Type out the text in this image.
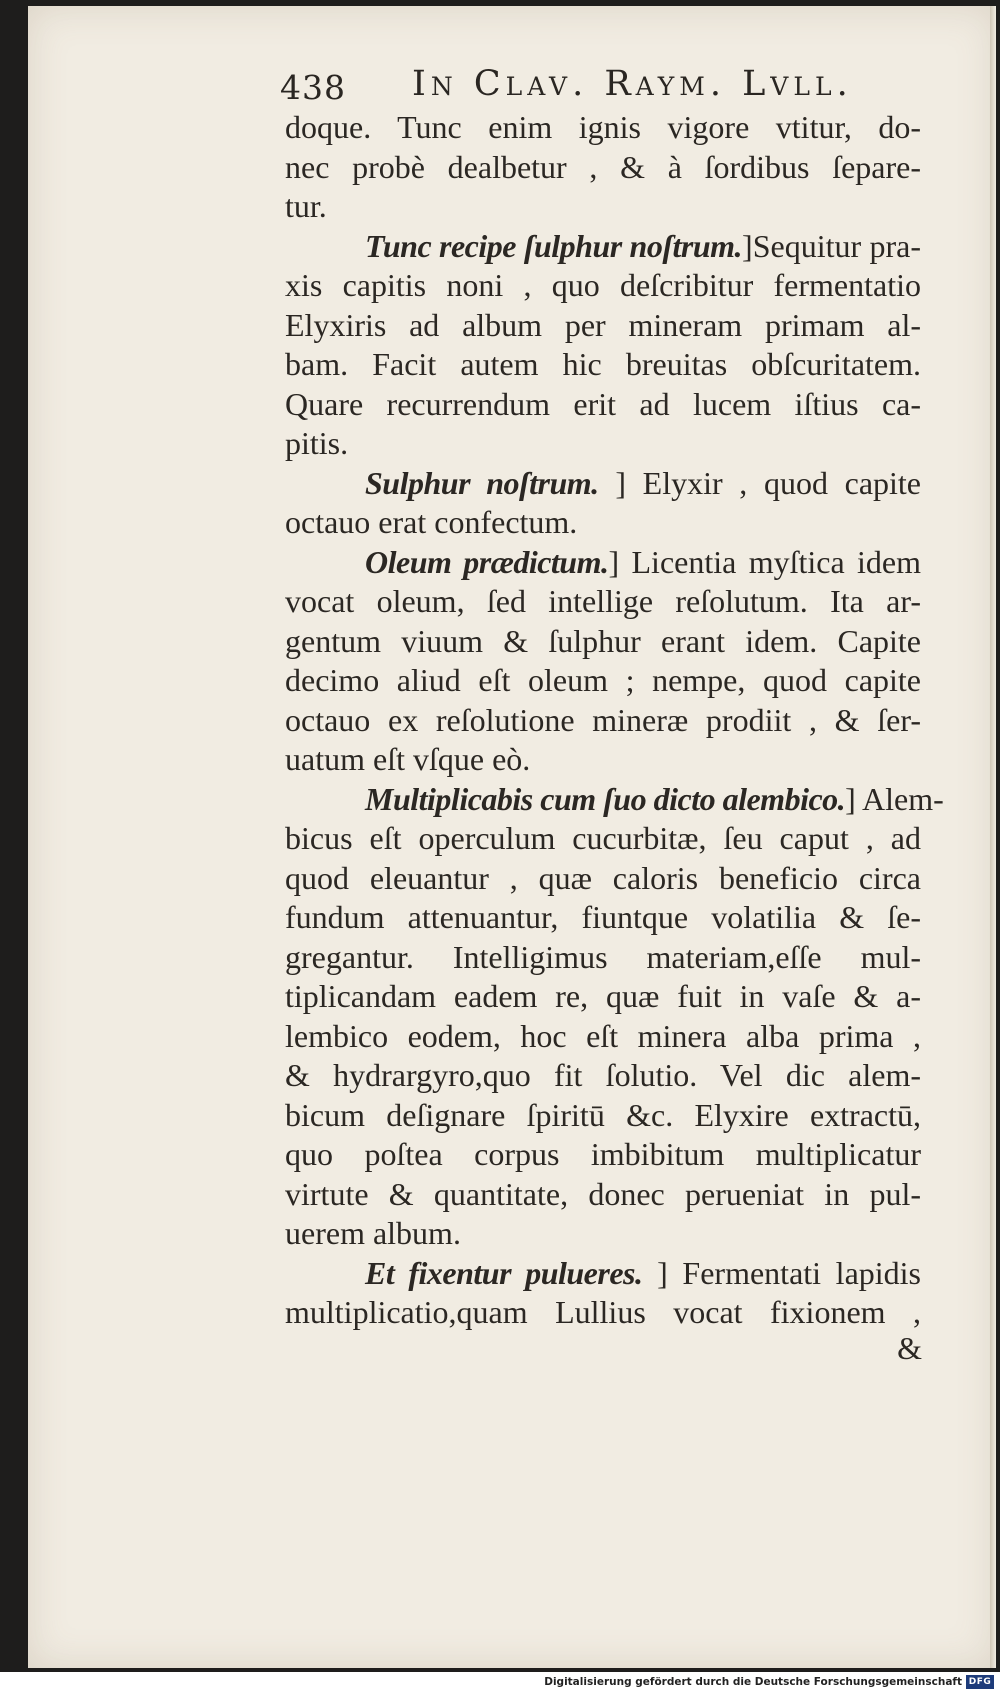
438 In Clav. Raym. Lvll.
doque. Tunc enim ignis vigore vtitur, do-
nec probè dealbetur , & à ſordibus ſepare-
tur.
Tunc recipe ſulphur noſtrum.]Sequitur pra-
xis capitis noni , quo deſcribitur fermentatio
Elyxiris ad album per mineram primam al-
bam. Facit autem hic breuitas obſcuritatem.
Quare recurrendum erit ad lucem iſtius ca-
pitis.
Sulphur noſtrum. ] Elyxir , quod capite
octauo erat confectum.
Oleum prædictum.] Licentia myſtica idem
vocat oleum, ſed intellige reſolutum. Ita ar-
gentum viuum & ſulphur erant idem. Capite
decimo aliud eſt oleum ; nempe, quod capite
octauo ex reſolutione mineræ prodiit , & ſer-
uatum eſt vſque eò.
Multiplicabis cum ſuo dicto alembico.] Alem-
bicus eſt operculum cucurbitæ, ſeu caput , ad
quod eleuantur , quæ caloris beneficio circa
fundum attenuantur, fiuntque volatilia & ſe-
gregantur. Intelligimus materiam,eſſe mul-
tiplicandam eadem re, quæ fuit in vaſe & a-
lembico eodem, hoc eſt minera alba prima ,
& hydrargyro,quo fit ſolutio. Vel dic alem-
bicum deſignare ſpiritū &c. Elyxire extractū,
quo poſtea corpus imbibitum multiplicatur
virtute & quantitate, donec perueniat in pul-
uerem album.
Et fixentur pulueres. ] Fermentati lapidis
multiplicatio,quam Lullius vocat fixionem ,
&
Digitalisierung gefördert durch die Deutsche Forschungsgemeinschaft DFG
